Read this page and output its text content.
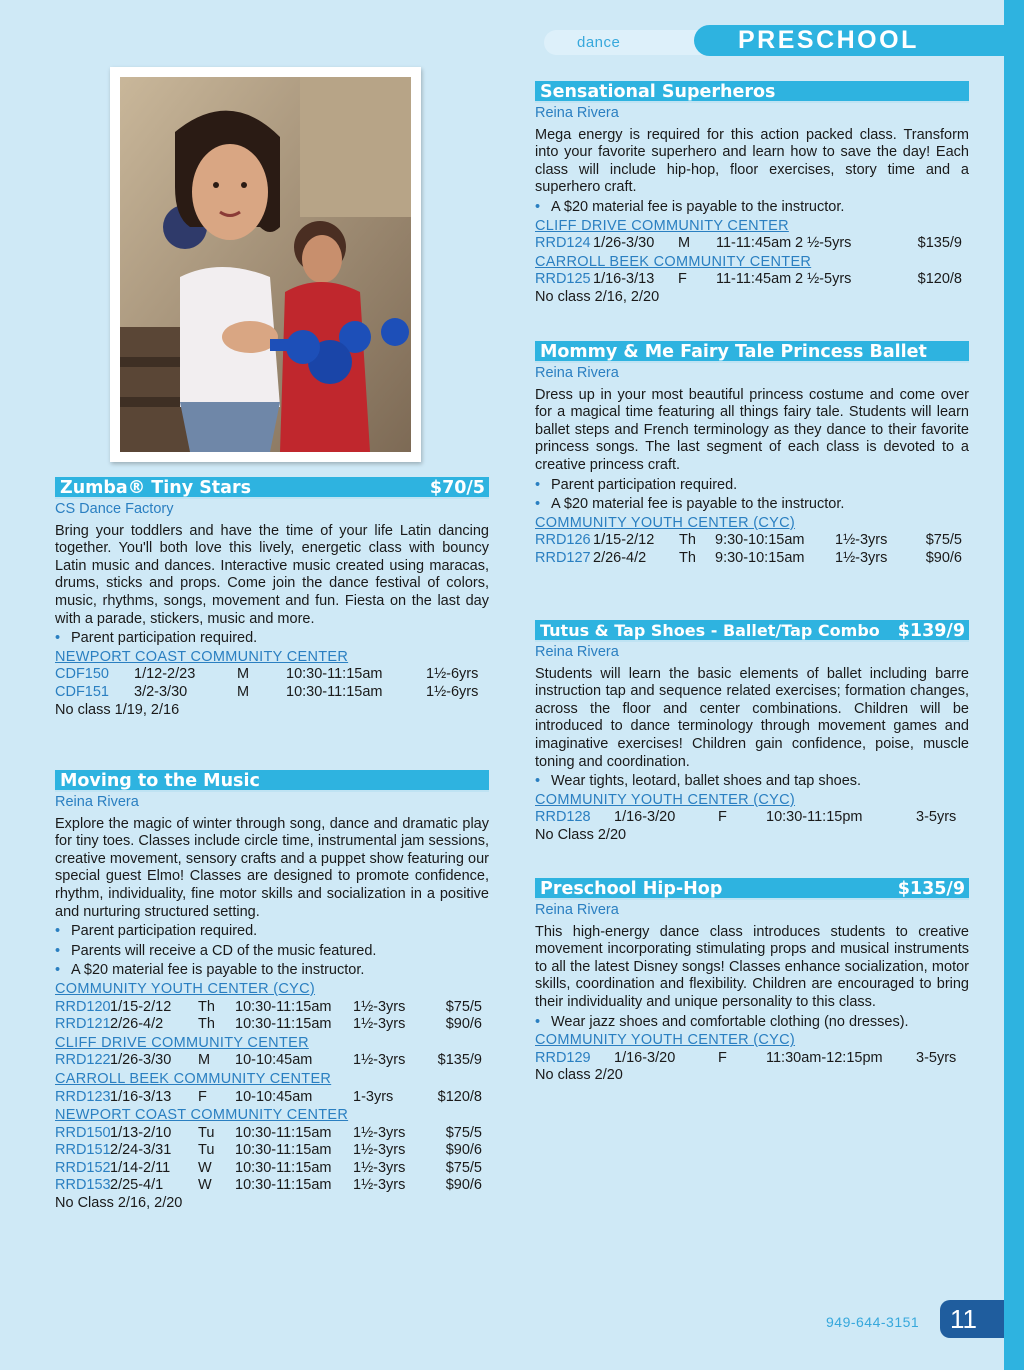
dance	PRESCHOOL
Zumba® Tiny Stars	$70/5
CS Dance Factory
Bring your toddlers and have the time of your life Latin dancing together. You'll both love this lively, energetic class with bouncy Latin music and dances. Interactive music created using maracas, drums, sticks and props. Come join the dance festival of colors, music, rhythms, songs, movement and fun. Fiesta on the last day with a parade, stickers, music and more.
• Parent participation required.
NEWPORT COAST COMMUNITY CENTER
CDF150	1/12-2/23	M	10:30-11:15am	1½-6yrs
CDF151	3/2-3/30	M	10:30-11:15am	1½-6yrs
No class 1/19, 2/16
Moving to the Music
Reina Rivera
Explore the magic of winter through song, dance and dramatic play for tiny toes. Classes include circle time, instrumental jam sessions, creative movement, sensory crafts and a puppet show featuring our special guest Elmo! Classes are designed to promote confidence, rhythm, individuality, fine motor skills and socialization in a positive and nurturing structured setting.
• Parent participation required.
• Parents will receive a CD of the music featured.
• A $20 material fee is payable to the instructor.
COMMUNITY YOUTH CENTER (CYC)
RRD120 1/15-2/12	Th	10:30-11:15am	1½-3yrs	$75/5
RRD121 2/26-4/2	Th	10:30-11:15am	1½-3yrs	$90/6
CLIFF DRIVE COMMUNITY CENTER
RRD122 1/26-3/30	M	10-10:45am	1½-3yrs	$135/9
CARROLL BEEK COMMUNITY CENTER
RRD123 1/16-3/13	F	10-10:45am	1-3yrs	$120/8
NEWPORT COAST COMMUNITY CENTER
RRD150 1/13-2/10	Tu	10:30-11:15am	1½-3yrs	$75/5
RRD151 2/24-3/31	Tu	10:30-11:15am	1½-3yrs	$90/6
RRD152 1/14-2/11	W	10:30-11:15am	1½-3yrs	$75/5
RRD153 2/25-4/1	W	10:30-11:15am	1½-3yrs	$90/6
No Class 2/16, 2/20
Sensational Superheros
Reina Rivera
Mega energy is required for this action packed class. Transform into your favorite superhero and learn how to save the day! Each class will include hip-hop, floor exercises, story time and a superhero craft.
• A $20 material fee is payable to the instructor.
CLIFF DRIVE COMMUNITY CENTER
RRD124 1/26-3/30	M	11-11:45am 2 ½-5yrs	$135/9
CARROLL BEEK COMMUNITY CENTER
RRD125 1/16-3/13	F	11-11:45am 2 ½-5yrs	$120/8
No class 2/16, 2/20
Mommy & Me Fairy Tale Princess Ballet
Reina Rivera
Dress up in your most beautiful princess costume and come over for a magical time featuring all things fairy tale. Students will learn ballet steps and French terminology as they dance to their favorite princess songs. The last segment of each class is devoted to a creative princess craft.
• Parent participation required.
• A $20 material fee is payable to the instructor.
COMMUNITY YOUTH CENTER (CYC)
RRD126 1/15-2/12	Th	9:30-10:15am	1½-3yrs	$75/5
RRD127 2/26-4/2	Th	9:30-10:15am	1½-3yrs	$90/6
Tutus & Tap Shoes - Ballet/Tap Combo $139/9
Reina Rivera
Students will learn the basic elements of ballet including barre instruction tap and sequence related exercises; formation changes, across the floor and center combinations. Children will be introduced to dance terminology through movement games and imaginative exercises! Children gain confidence, poise, muscle toning and coordination.
• Wear tights, leotard, ballet shoes and tap shoes.
COMMUNITY YOUTH CENTER (CYC)
RRD128	1/16-3/20	F	10:30-11:15pm	3-5yrs
No Class 2/20
Preschool Hip-Hop	$135/9
Reina Rivera
This high-energy dance class introduces students to creative movement incorporating stimulating props and musical instruments to all the latest Disney songs! Classes enhance socialization, motor skills, coordination and flexibility. Children are encouraged to bring their individuality and unique personality to this class.
• Wear jazz shoes and comfortable clothing (no dresses).
COMMUNITY YOUTH CENTER (CYC)
RRD129	1/16-3/20	F	11:30am-12:15pm	3-5yrs
No class 2/20
949-644-3151	11
